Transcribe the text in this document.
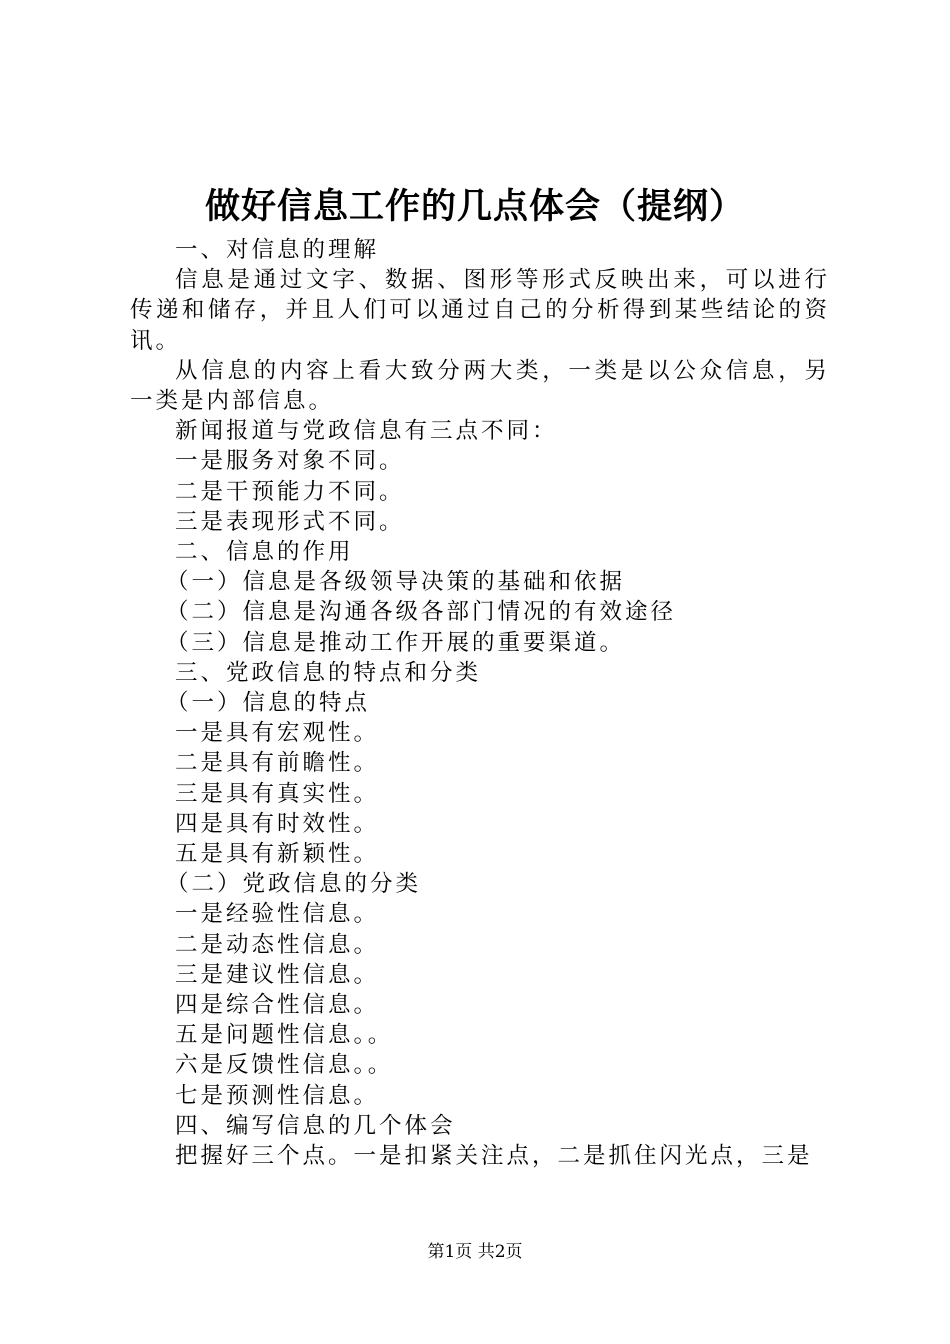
做好信息工作的几点体会（提纲）

一、对信息的理解

信息是通过文字、数据、图形等形式反映出来，可以进行传递和储存，并且人们可以通过自己的分析得到某些结论的资讯。

从信息的内容上看大致分两大类，一类是以公众信息，另一类是内部信息。

新闻报道与党政信息有三点不同：

一是服务对象不同。

二是干预能力不同。

三是表现形式不同。

二、信息的作用

（一）信息是各级领导决策的基础和依据

（二）信息是沟通各级各部门情况的有效途径

（三）信息是推动工作开展的重要渠道。

三、党政信息的特点和分类

（一）信息的特点

一是具有宏观性。

二是具有前瞻性。

三是具有真实性。

四是具有时效性。

五是具有新颖性。

（二）党政信息的分类

一是经验性信息。

二是动态性信息。

三是建议性信息。

四是综合性信息。

五是问题性信息。。

六是反馈性信息。。

七是预测性信息。

四、编写信息的几个体会

把握好三个点。一是扣紧关注点，二是抓住闪光点，三是

第1页 共2页
